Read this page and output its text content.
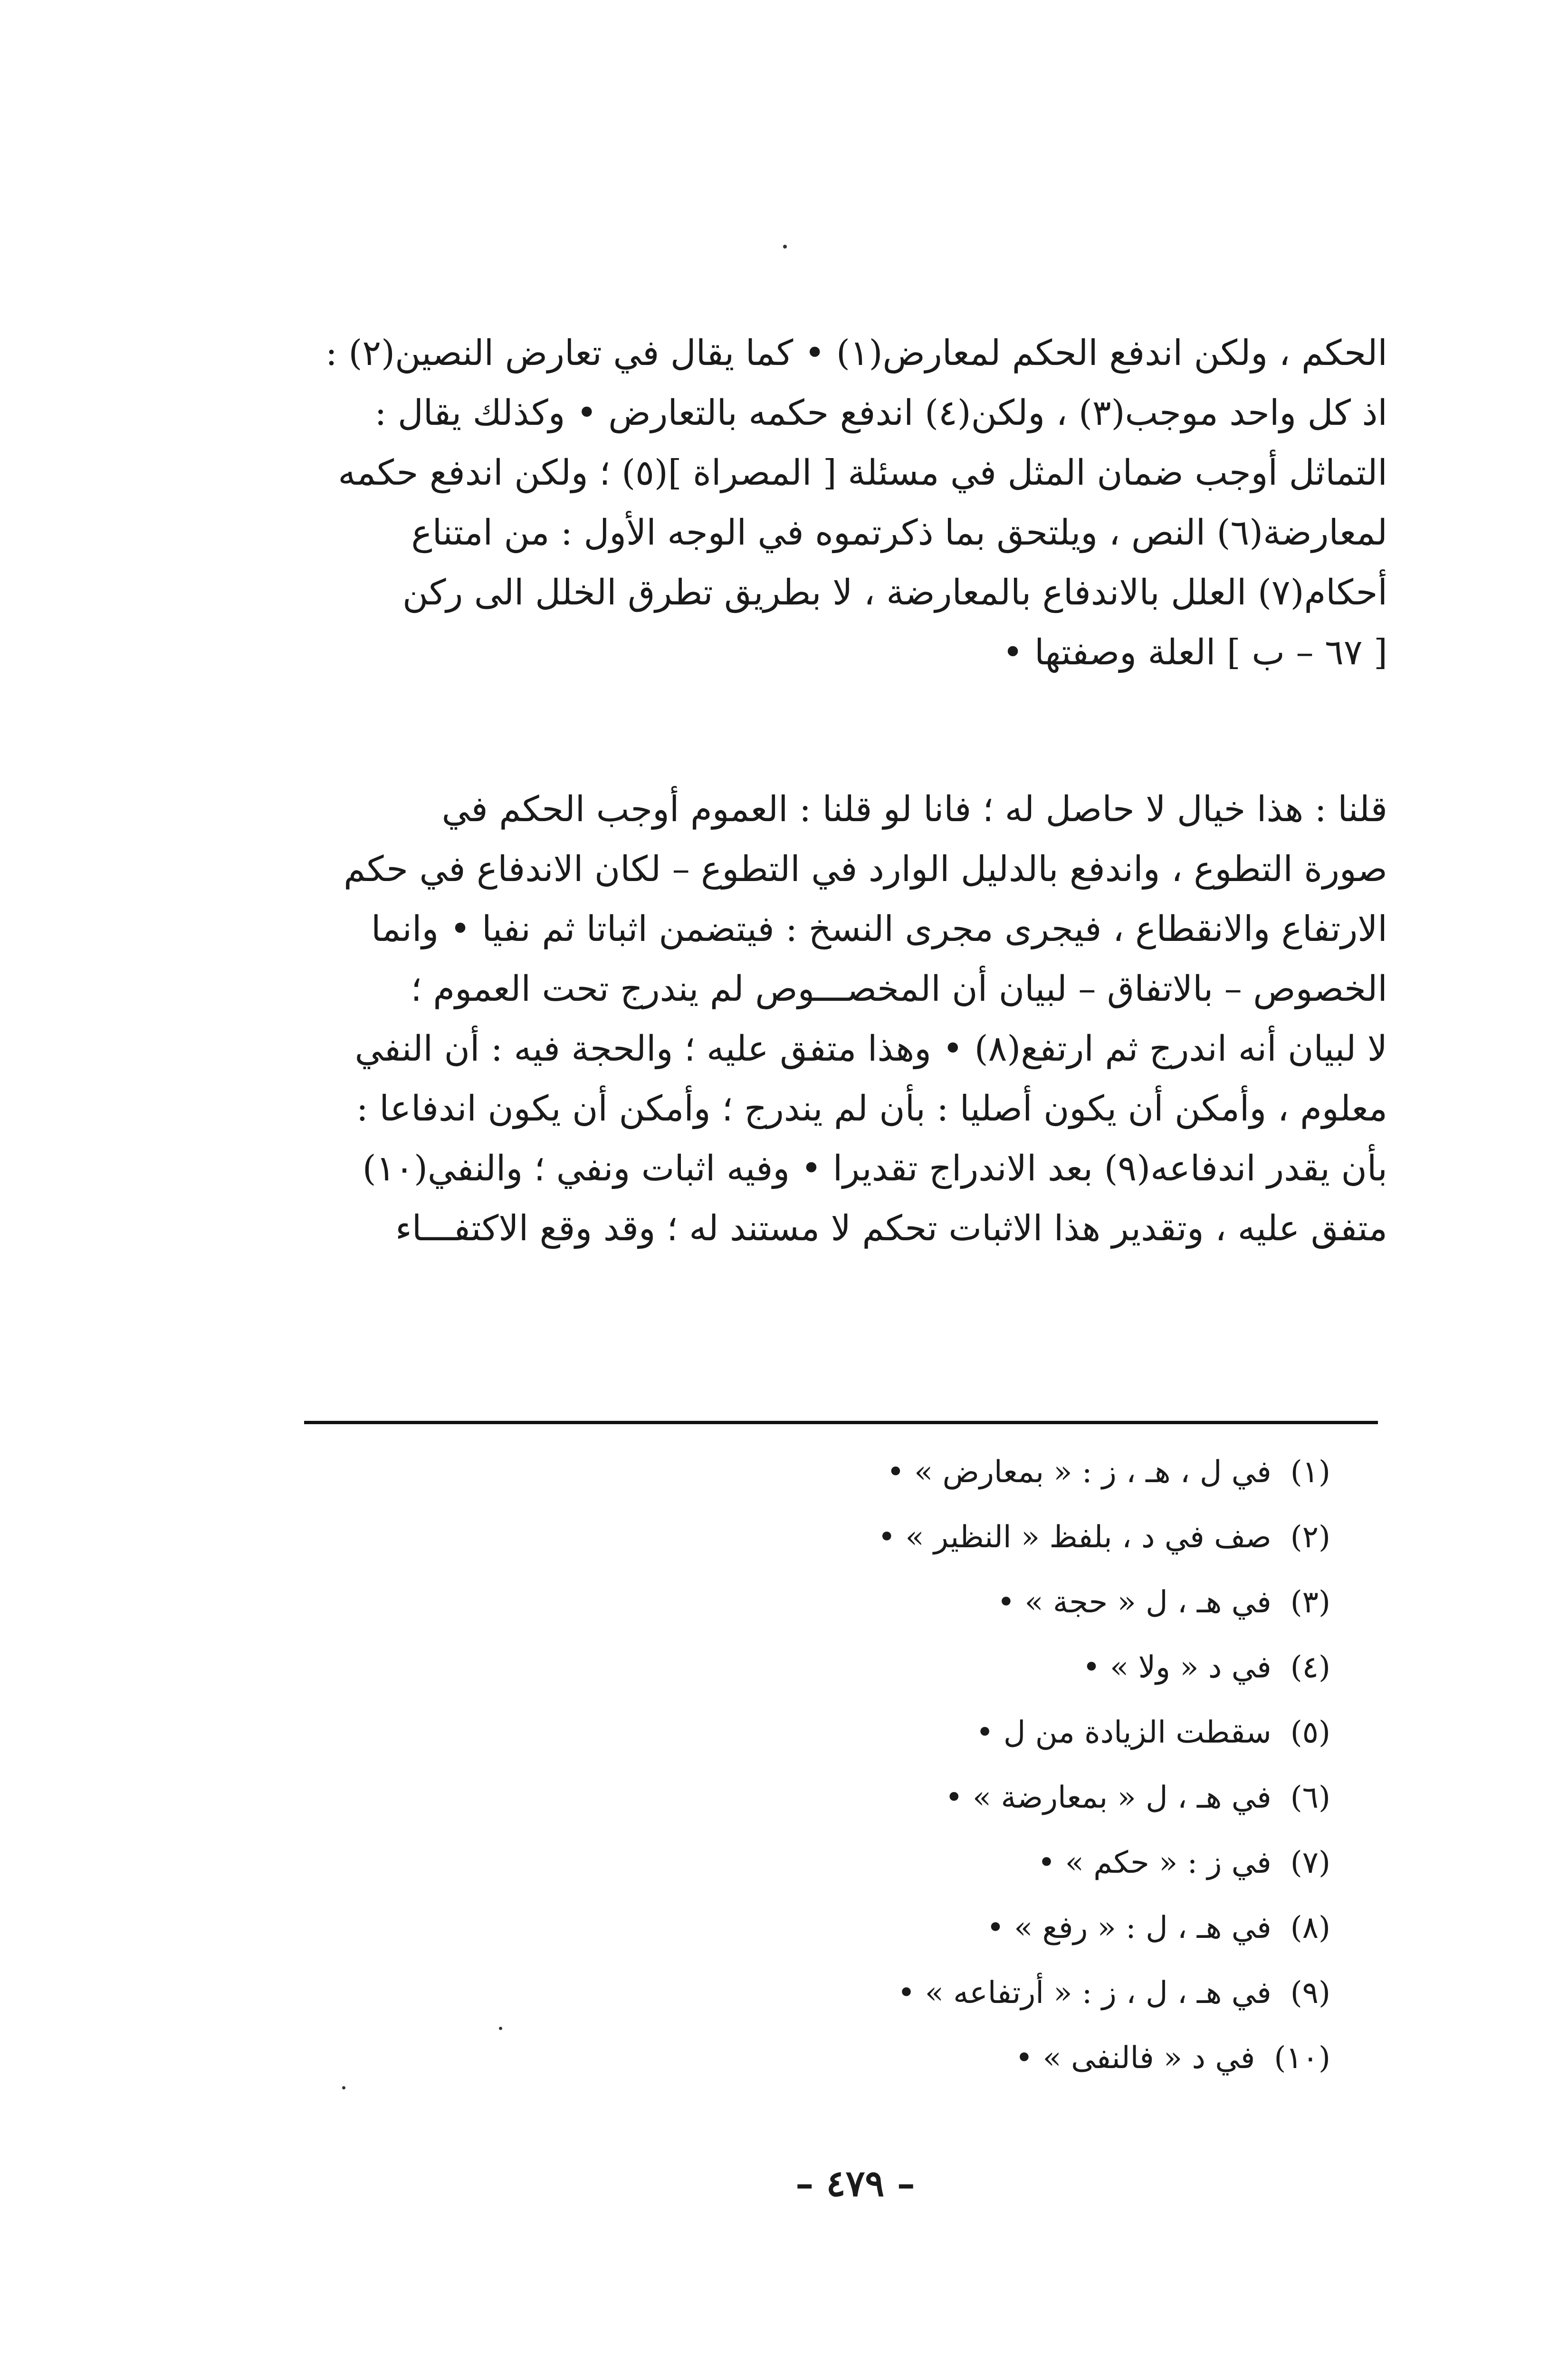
الحكم ، ولكن اندفع الحكم لمعارض(١) • كما يقال في تعارض النصين(٢) :
اذ كل واحد موجب(٣) ، ولكن(٤) اندفع حكمه بالتعارض • وكذلك يقال :
التماثل أوجب ضمان المثل في مسئلة [ المصراة ](٥) ؛ ولكن اندفع حكمه
لمعارضة(٦) النص ، ويلتحق بما ذكرتموه في الوجه الأول : من امتناع
أحكام(٧) العلل بالاندفاع بالمعارضة ، لا بطريق تطرق الخلل الى ركن
[ ٦٧ – ب ] العلة وصفتها •
قلنا : هذا خيال لا حاصل له ؛ فانا لو قلنا : العموم أوجب الحكم في
صورة التطوع ، واندفع بالدليل الوارد في التطوع – لكان الاندفاع في حكم
الارتفاع والانقطاع ، فيجرى مجرى النسخ : فيتضمن اثباتا ثم نفيا • وانما
الخصوص – بالاتفاق – لبيان أن المخصـــوص لم يندرج تحت العموم ؛
لا لبيان أنه اندرج ثم ارتفع(٨) • وهذا متفق عليه ؛ والحجة فيه : أن النفي
معلوم ، وأمكن أن يكون أصليا : بأن لم يندرج ؛ وأمكن أن يكون اندفاعا :
بأن يقدر اندفاعه(٩) بعد الاندراج تقديرا • وفيه اثبات ونفي ؛ والنفي(١٠)
متفق عليه ، وتقدير هذا الاثبات تحكم لا مستند له ؛ وقد وقع الاكتفـــاء
(١)في ل ، هـ ، ز : « بمعارض » •
(٢)صف في د ، بلفظ « النظير » •
(٣)في هـ ، ل « حجة » •
(٤)في د « ولا » •
(٥)سقطت الزيادة من ل •
(٦)في هـ ، ل « بمعارضة » •
(٧)في ز : « حكم » •
(٨)في هـ ، ل : « رفع » •
(٩)في هـ ، ل ، ز : « أرتفاعه » •
(١٠)في د « فالنفى » •
– ٤٧٩ –
